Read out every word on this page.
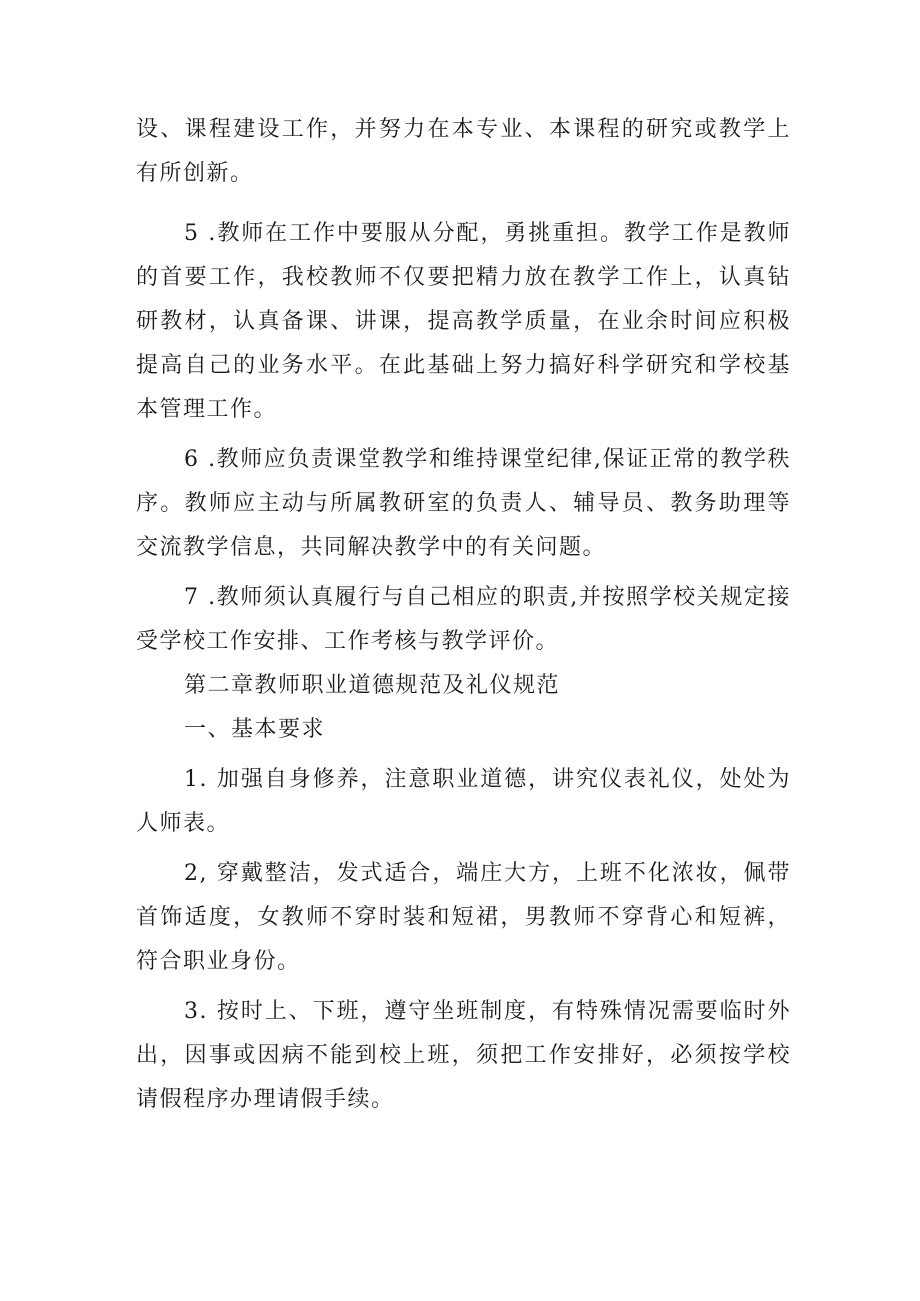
设、课程建设工作，并努力在本专业、本课程的研究或教学上有所创新。

5 .教师在工作中要服从分配，勇挑重担。教学工作是教师的首要工作，我校教师不仅要把精力放在教学工作上，认真钻研教材，认真备课、讲课，提高教学质量，在业余时间应积极提高自己的业务水平。在此基础上努力搞好科学研究和学校基本管理工作。

6 .教师应负责课堂教学和维持课堂纪律,保证正常的教学秩序。教师应主动与所属教研室的负责人、辅导员、教务助理等交流教学信息，共同解决教学中的有关问题。

7 .教师须认真履行与自己相应的职责,并按照学校关规定接受学校工作安排、工作考核与教学评价。

第二章教师职业道德规范及礼仪规范

一、基本要求

1. 加强自身修养，注意职业道德，讲究仪表礼仪，处处为人师表。

2, 穿戴整洁，发式适合，端庄大方，上班不化浓妆，佩带首饰适度，女教师不穿时装和短裙，男教师不穿背心和短裤，符合职业身份。

3. 按时上、下班，遵守坐班制度，有特殊情况需要临时外出，因事或因病不能到校上班，须把工作安排好，必须按学校请假程序办理请假手续。
